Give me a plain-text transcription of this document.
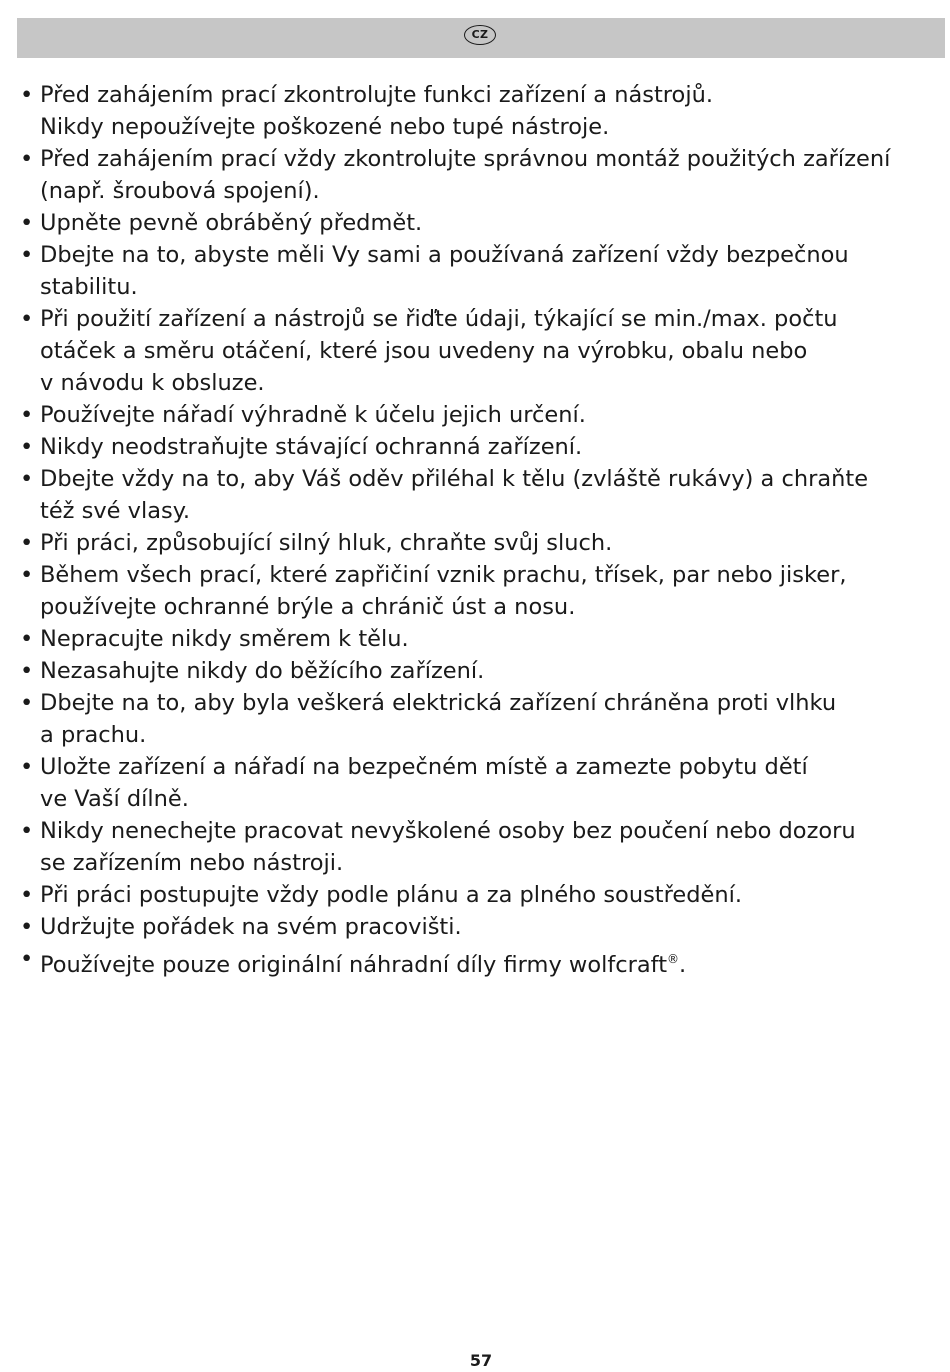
CZ
• Před zahájením prací zkontrolujte funkci zařízení a nástrojů.
Nikdy nepoužívejte poškozené nebo tupé nástroje.
• Před zahájením prací vždy zkontrolujte správnou montáž použitých zařízení
(např. šroubová spojení).
• Upněte pevně obráběný předmět.
• Dbejte na to, abyste měli Vy sami a používaná zařízení vždy bezpečnou
stabilitu.
• Při použití zařízení a nástrojů se řiďte údaji, týkající se min./max. počtu
otáček a směru otáčení, které jsou uvedeny na výrobku, obalu nebo
v návodu k obsluze.
• Používejte nářadí výhradně k účelu jejich určení.
• Nikdy neodstraňujte stávající ochranná zařízení.
• Dbejte vždy na to, aby Váš oděv přiléhal k tělu (zvláště rukávy) a chraňte
též své vlasy.
• Při práci, způsobující silný hluk, chraňte svůj sluch.
• Během všech prací, které zapřičiní vznik prachu, třísek, par nebo jisker,
používejte ochranné brýle a chránič úst a nosu.
• Nepracujte nikdy směrem k tělu.
• Nezasahujte nikdy do běžícího zařízení.
• Dbejte na to, aby byla veškerá elektrická zařízení chráněna proti vlhku
a prachu.
• Uložte zařízení a nářadí na bezpečném místě a zamezte pobytu dětí
ve Vaší dílně.
• Nikdy nenechejte pracovat nevyškolené osoby bez poučení nebo dozoru
se zařízením nebo nástroji.
• Při práci postupujte vždy podle plánu a za plného soustředění.
• Udržujte pořádek na svém pracovišti.
• Používejte pouze originální náhradní díly firmy wolfcraft®.
57
